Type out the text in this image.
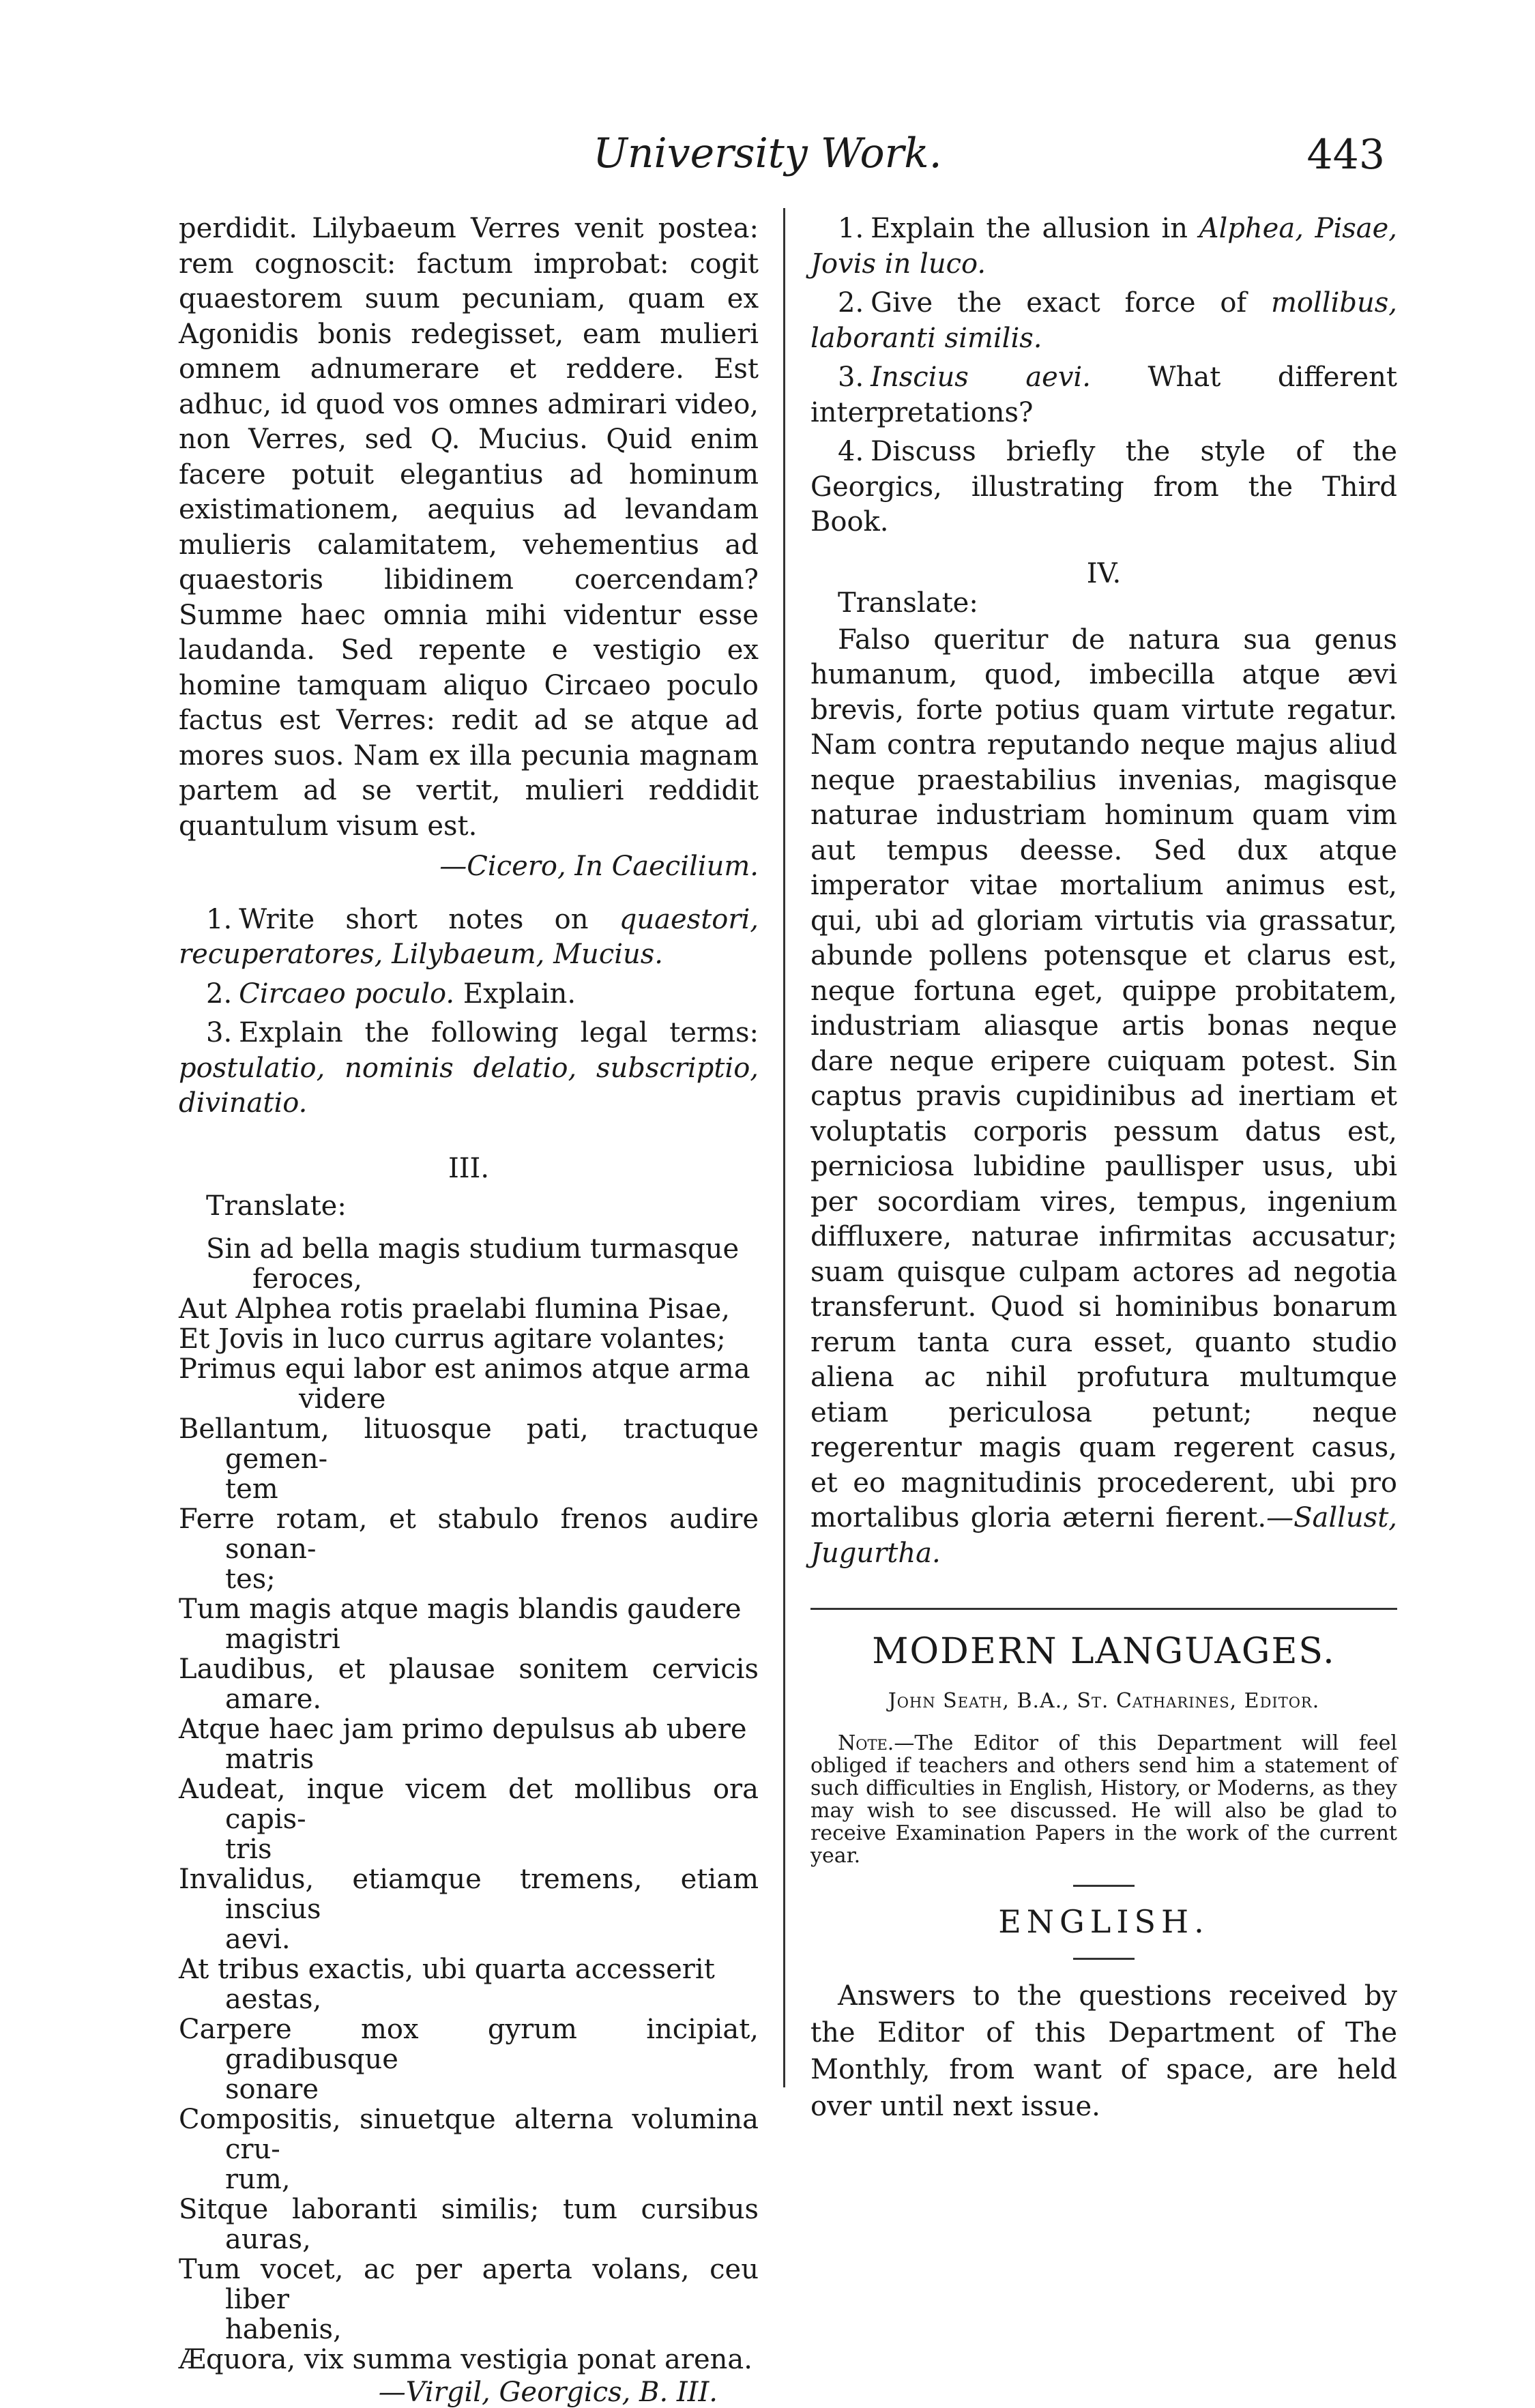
University Work.	443

perdidit. Lilybaeum Verres venit postea: rem cognoscit: factum improbat: cogit quaestorem suum pecuniam, quam ex Agonidis bonis redegisset, eam mulieri omnem adnumerare et reddere. Est adhuc, id quod vos omnes admirari video, non Verres, sed Q. Mucius. Quid enim facere potuit elegantius ad hominum existimationem, aequius ad levandam mulieris calamitatem, vehementius ad quaestoris libidinem coercendam? Summe haec omnia mihi videntur esse laudanda. Sed repente e vestigio ex homine tamquam aliquo Circaeo poculo factus est Verres: redit ad se atque ad mores suos. Nam ex illa pecunia magnam partem ad se vertit, mulieri reddidit quantulum visum est.

—Cicero, In Caecilium.

1. Write short notes on quaestori, recuperatores, Lilybaeum, Mucius.

2. Circaeo poculo. Explain.

3. Explain the following legal terms: postulatio, nominis delatio, subscriptio, divinatio.

III.
Translate:
Sin ad bella magis studium turmasque
feroces,
Aut Alphea rotis praelabi flumina Pisae,
Et Jovis in luco currus agitare volantes;
Primus equi labor est animos atque arma
videre
Bellantum, lituosque pati, tractuque gemen-
tem
Ferre rotam, et stabulo frenos audire sonan-
tes;
Tum magis atque magis blandis gaudere
magistri
Laudibus, et plausae sonitem cervicis amare.
Atque haec jam primo depulsus ab ubere
matris
Audeat, inque vicem det mollibus ora capis-
tris
Invalidus, etiamque tremens, etiam inscius
aevi.
At tribus exactis, ubi quarta accesserit
aestas,
Carpere mox gyrum incipiat, gradibusque
sonare
Compositis, sinuetque alterna volumina cru-
rum,
Sitque laboranti similis; tum cursibus auras,
Tum vocet, ac per aperta volans, ceu liber
habenis,
Æquora, vix summa vestigia ponat arena.
—Virgil, Georgics, B. III.

1. Explain the allusion in Alphea, Pisae, Jovis in luco.

2. Give the exact force of mollibus, laboranti similis.

3. Inscius aevi. What different interpretations?

4. Discuss briefly the style of the Georgics, illustrating from the Third Book.

IV.
Translate:

Falso queritur de natura sua genus humanum, quod, imbecilla atque ævi brevis, forte potius quam virtute regatur. Nam contra reputando neque majus aliud neque praestabilius invenias, magisque naturae industriam hominum quam vim aut tempus deesse. Sed dux atque imperator vitae mortalium animus est, qui, ubi ad gloriam virtutis via grassatur, abunde pollens potensque et clarus est, neque fortuna eget, quippe probitatem, industriam aliasque artis bonas neque dare neque eripere cuiquam potest. Sin captus pravis cupidinibus ad inertiam et voluptatis corporis pessum datus est, perniciosa lubidine paullisper usus, ubi per socordiam vires, tempus, ingenium diffluxere, naturae infirmitas accusatur; suam quisque culpam actores ad negotia transferunt. Quod si hominibus bonarum rerum tanta cura esset, quanto studio aliena ac nihil profutura multumque etiam periculosa petunt; neque regerentur magis quam regerent casus, et eo magnitudinis procederent, ubi pro mortalibus gloria æterni fierent.—Sallust, Jugurtha.

MODERN LANGUAGES.
John Seath, B.A., St. Catharines, Editor.

Note.—The Editor of this Department will feel obliged if teachers and others send him a statement of such difficulties in English, History, or Moderns, as they may wish to see discussed. He will also be glad to receive Examination Papers in the work of the current year.

ENGLISH.

Answers to the questions received by the Editor of this Department of The Monthly, from want of space, are held over until next issue.
